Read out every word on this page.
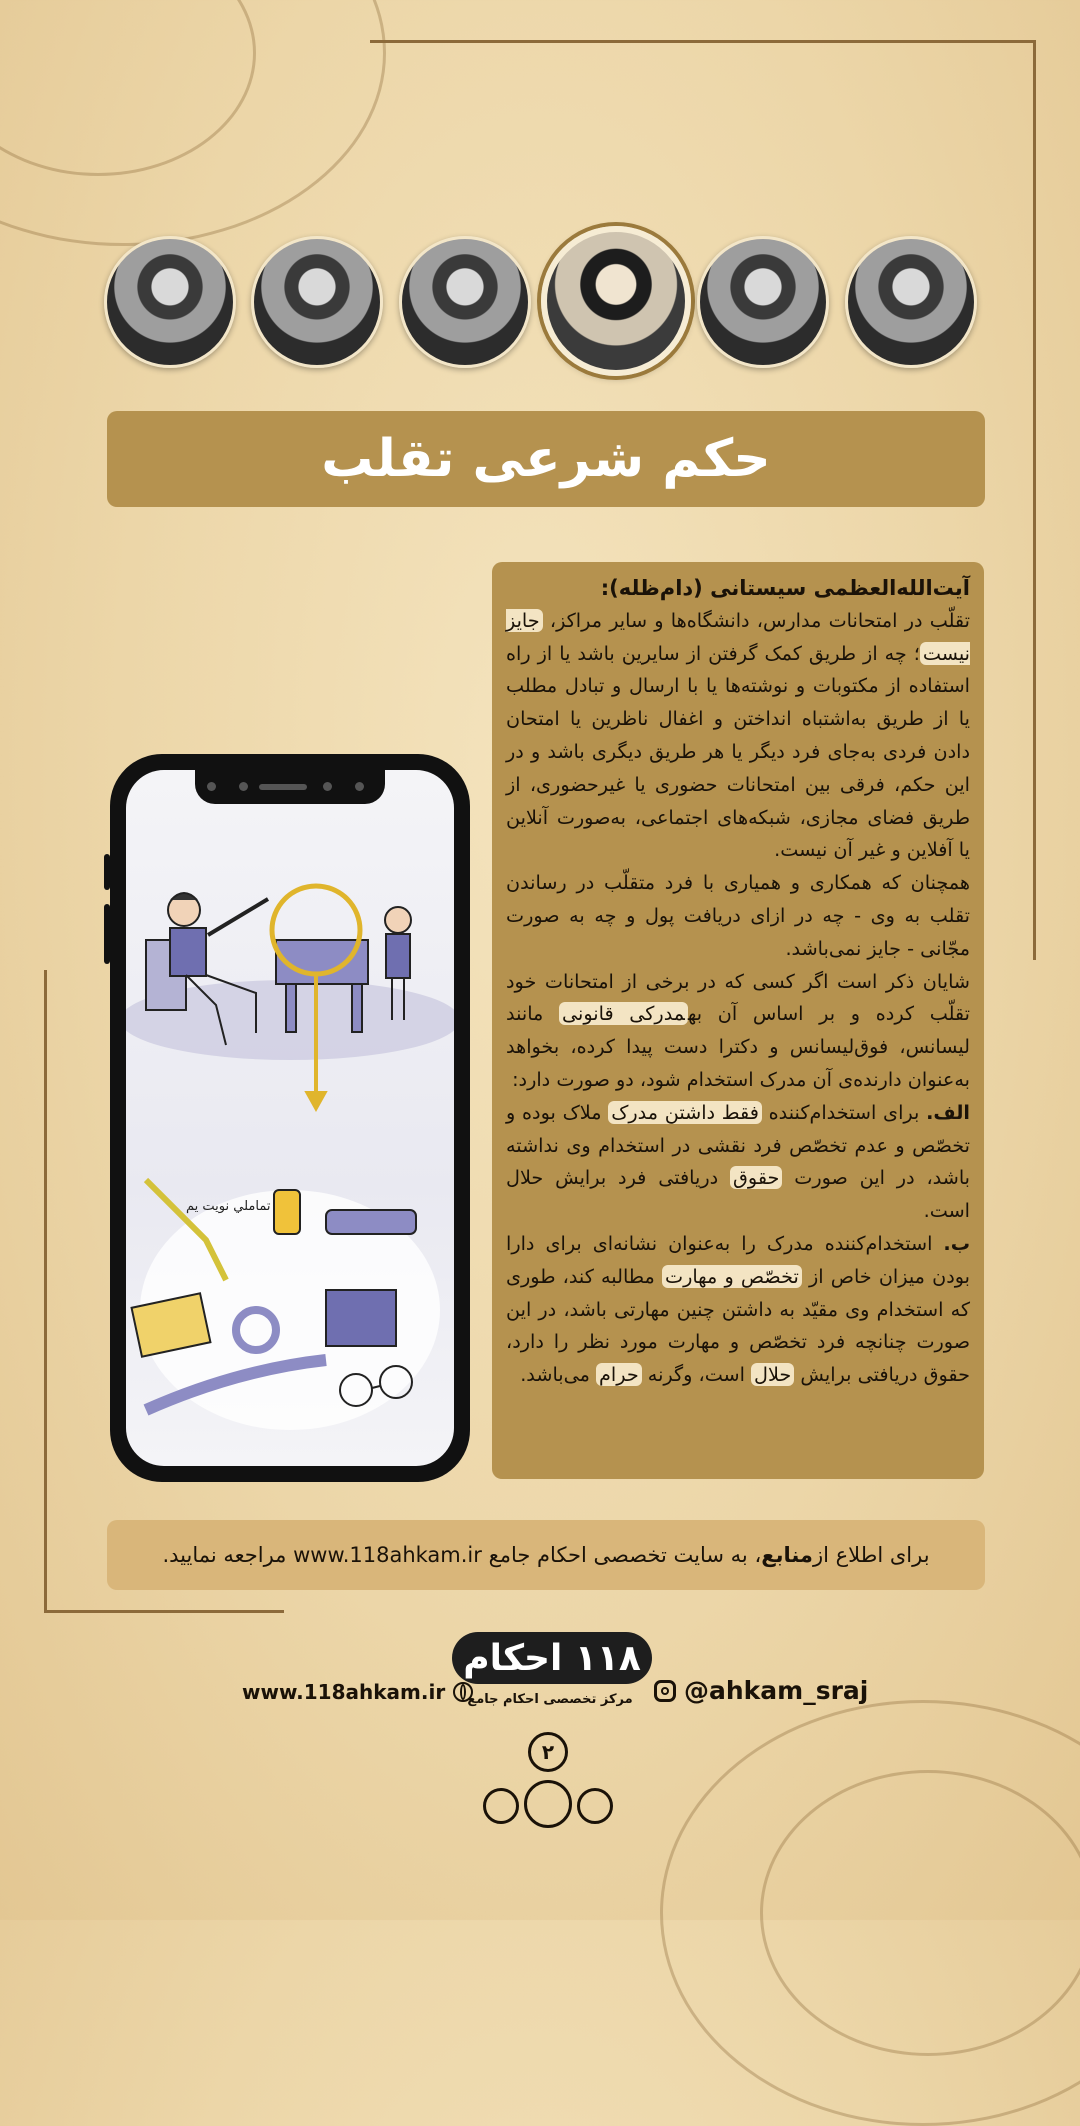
حکم شرعی تقلب
تماملي نويت يم

آیت‌الله‌العظمی سیستانی (دام‌ظله):

تقلّب در امتحانات مدارس، دانشگاه‌ها و سایر مراکز، جایز نیست؛ چه از طریق کمک گرفتن از سایرین باشد یا از راه استفاده از مکتوبات و نوشته‌ها یا با ارسال و تبادل مطلب یا از طریق به‌اشتباه انداختن و اغفال ناظرین یا امتحان دادن فردی به‌جای فرد دیگر یا هر طریق دیگری باشد و در این حکم، فرقی بین امتحانات حضوری یا غیرحضوری، از طریق فضای مجازی، شبکه‌های اجتماعی، به‌صورت آنلاین یا آفلاین و غیر آن نیست.

همچنان که همکاری و همیاری با فرد متقلّب در رساندن تقلب به وی - چه در ازای دریافت پول و چه به صورت مجّانی - جایز نمی‌باشد.

شایان ذکر است اگر کسی که در برخی از امتحانات خود تقلّب کرده و بر اساس آن بهمدرکی قانونی مانند لیسانس، فوق‌لیسانس و دکترا دست پیدا کرده، بخواهد به‌عنوان دارنده‌ی آن مدرک استخدام شود، دو صورت دارد:

الف. برای استخدام‌کننده فقط داشتن مدرک ملاک بوده و تخصّص و عدم تخصّص فرد نقشی در استخدام وی نداشته باشد، در این صورت حقوق دریافتی فرد برایش حلال است.

ب. استخدام‌کننده مدرک را به‌عنوان نشانه‌ای برای دارا بودن میزان خاص از تخصّص و مهارت مطالبه کند، طوری که استخدام وی مقیّد به داشتن چنین مهارتی باشد، در این صورت چنانچه فرد تخصّص و مهارت مورد نظر را دارد، حقوق دریافتی برایش حلال است، وگرنه حرام می‌باشد.

برای اطلاع از
منابع
، به سایت تخصصی احکام جامع www.118ahkam.ir مراجعه نمایید.
۱۱۸ احکام
مرکز تخصصی احکام جامع
www.118ahkam.ir	@ahkam_sraj
۲
